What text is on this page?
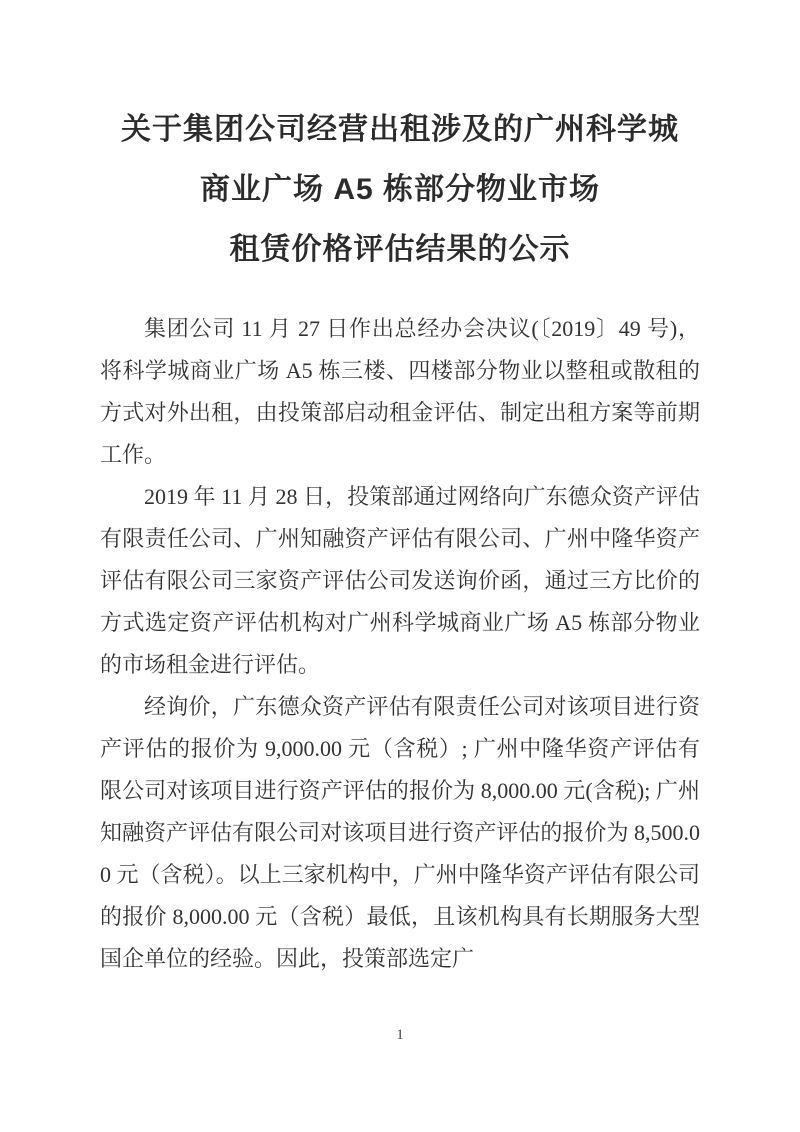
关于集团公司经营出租涉及的广州科学城
商业广场 A5 栋部分物业市场
租赁价格评估结果的公示

集团公司 11 月 27 日作出总经办会决议(〔2019〕49 号)，将科学城商业广场 A5 栋三楼、四楼部分物业以整租或散租的方式对外出租，由投策部启动租金评估、制定出租方案等前期工作。

2019 年 11 月 28 日，投策部通过网络向广东德众资产评估有限责任公司、广州知融资产评估有限公司、广州中隆华资产评估有限公司三家资产评估公司发送询价函，通过三方比价的方式选定资产评估机构对广州科学城商业广场 A5 栋部分物业的市场租金进行评估。

经询价，广东德众资产评估有限责任公司对该项目进行资产评估的报价为 9,000.00 元（含税）; 广州中隆华资产评估有限公司对该项目进行资产评估的报价为 8,000.00 元(含税); 广州知融资产评估有限公司对该项目进行资产评估的报价为 8,500.00 元（含税）。以上三家机构中，广州中隆华资产评估有限公司的报价 8,000.00 元（含税）最低，且该机构具有长期服务大型国企单位的经验。因此，投策部选定广

1
